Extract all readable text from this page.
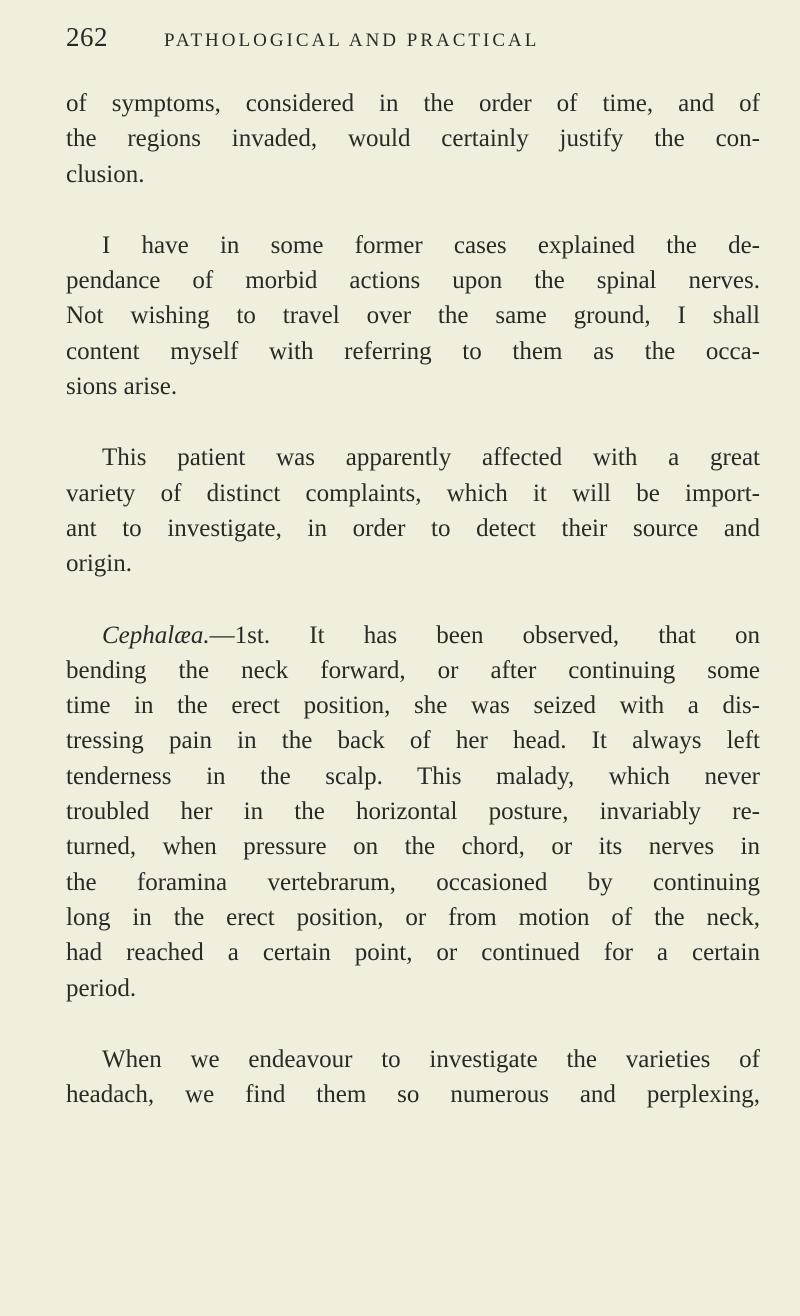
262	PATHOLOGICAL AND PRACTICAL

of symptoms, considered in the order of time, and of
the regions invaded, would certainly justify the con-
clusion.

I have in some former cases explained the de-
pendance of morbid actions upon the spinal nerves.
Not wishing to travel over the same ground, I shall
content myself with referring to them as the occa-
sions arise.

This patient was apparently affected with a great
variety of distinct complaints, which it will be import-
ant to investigate, in order to detect their source and
origin.

Cephalæa.—1st. It has been observed, that on
bending the neck forward, or after continuing some
time in the erect position, she was seized with a dis-
tressing pain in the back of her head. It always left
tenderness in the scalp. This malady, which never
troubled her in the horizontal posture, invariably re-
turned, when pressure on the chord, or its nerves in
the foramina vertebrarum, occasioned by continuing
long in the erect position, or from motion of the neck,
had reached a certain point, or continued for a certain
period.

When we endeavour to investigate the varieties of
headach, we find them so numerous and perplexing,
